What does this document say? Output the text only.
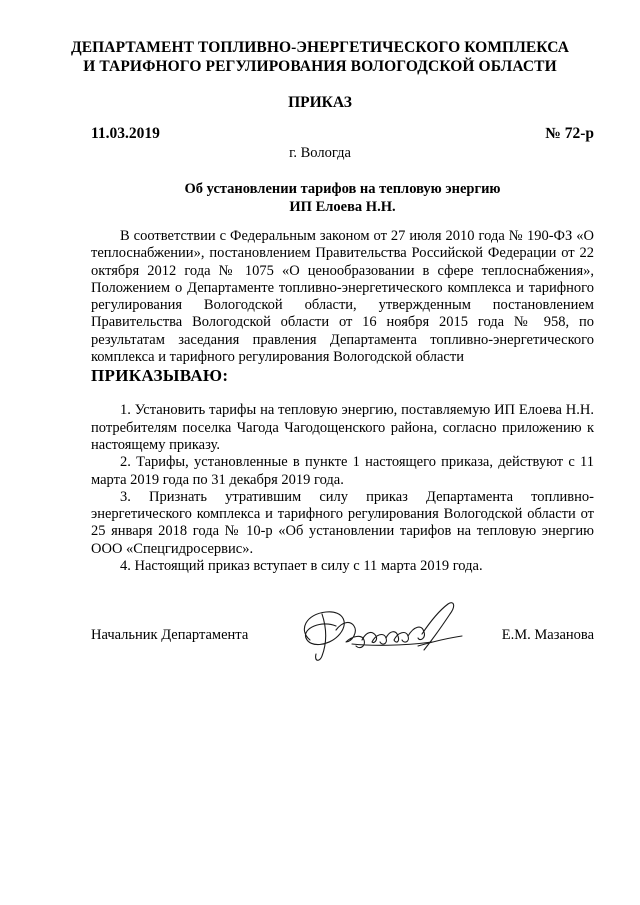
ДЕПАРТАМЕНТ ТОПЛИВНО-ЭНЕРГЕТИЧЕСКОГО КОМПЛЕКСА
И ТАРИФНОГО РЕГУЛИРОВАНИЯ ВОЛОГОДСКОЙ ОБЛАСТИ
ПРИКАЗ
11.03.2019	№ 72-р
г. Вологда
Об установлении тарифов на тепловую энергию
ИП Елоева Н.Н.

В соответствии с Федеральным законом от 27 июля 2010 года № 190-ФЗ «О теплоснабжении», постановлением Правительства Российской Федерации от 22 октября 2012 года № 1075 «О ценообразовании в сфере теплоснабжения», Положением о Департаменте топливно-энергетического комплекса и тарифного регулирования Вологодской области, утвержденным постановлением Правительства Вологодской области от 16 ноября 2015 года № 958, по результатам заседания правления Департамента топливно-энергетического комплекса и тарифного регулирования Вологодской области

ПРИКАЗЫВАЮ:

1. Установить тарифы на тепловую энергию, поставляемую ИП Елоева Н.Н. потребителям поселка Чагода Чагодощенского района, согласно приложению к настоящему приказу.

2. Тарифы, установленные в пункте 1 настоящего приказа, действуют с 11 марта 2019 года по 31 декабря 2019 года.

3. Признать утратившим силу приказ Департамента топливно-энергетического комплекса и тарифного регулирования Вологодской области от 25 января 2018 года № 10-р «Об установлении тарифов на тепловую энергию ООО «Спецгидросервис».

4. Настоящий приказ вступает в силу с 11 марта 2019 года.

Начальник Департамента	Е.М. Мазанова
